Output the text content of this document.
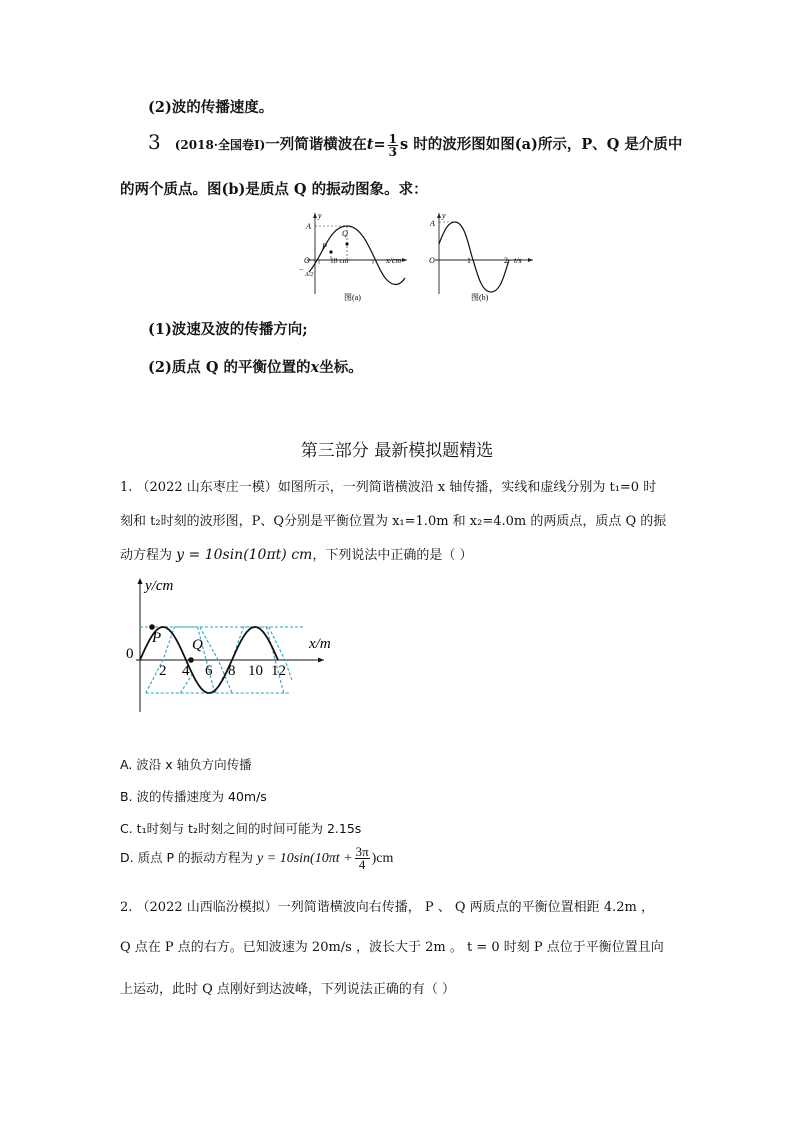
(2)波的传播速度。
3 (2018·全国卷Ⅰ)一列简谐横波在$t= \frac{1}{3}$ s 时的波形图如图(a)所示，P、Q 是介质中
的两个质点。图(b)是质点 Q 的振动图象。求：
y
A
O
−
A/2
P
Q
18 cm	x/cm
图(a)
y
A
O	1	2 t/s
图(b)
(1)波速及波的传播方向;
(2)质点 Q 的平衡位置的x坐标。
第三部分 最新模拟题精选
1. （2022 山东枣庄一模）如图所示，一列简谐横波沿 x 轴传播，实线和虚线分别为 t₁=0 时
刻和 t₂时刻的波形图，P、Q分别是平衡位置为 x₁=1.0m 和 x₂=4.0m 的两质点，质点 Q 的振
动方程为 y = 10sin(10πt) cm，下列说法中正确的是（ ）
y/cm
x/m
0
P Q
2 4 6 8 10 12
A. 波沿 x 轴负方向传播
B. 波的传播速度为 40m/s
C. t₁时刻与 t₂时刻之间的时间可能为 2.15s
D. 质点 P 的振动方程为 $y = 10\sin(10\pi t + \frac{3\pi}{4} )cm$
2. （2022 山西临汾模拟）一列简谐横波向右传播， P 、 Q 两质点的平衡位置相距 4.2m ，
Q 点在 P 点的右方。已知波速为 20m/s ，波长大于 2m 。 t = 0 时刻 P 点位于平衡位置且向
上运动，此时 Q 点刚好到达波峰，下列说法正确的有（ ）
